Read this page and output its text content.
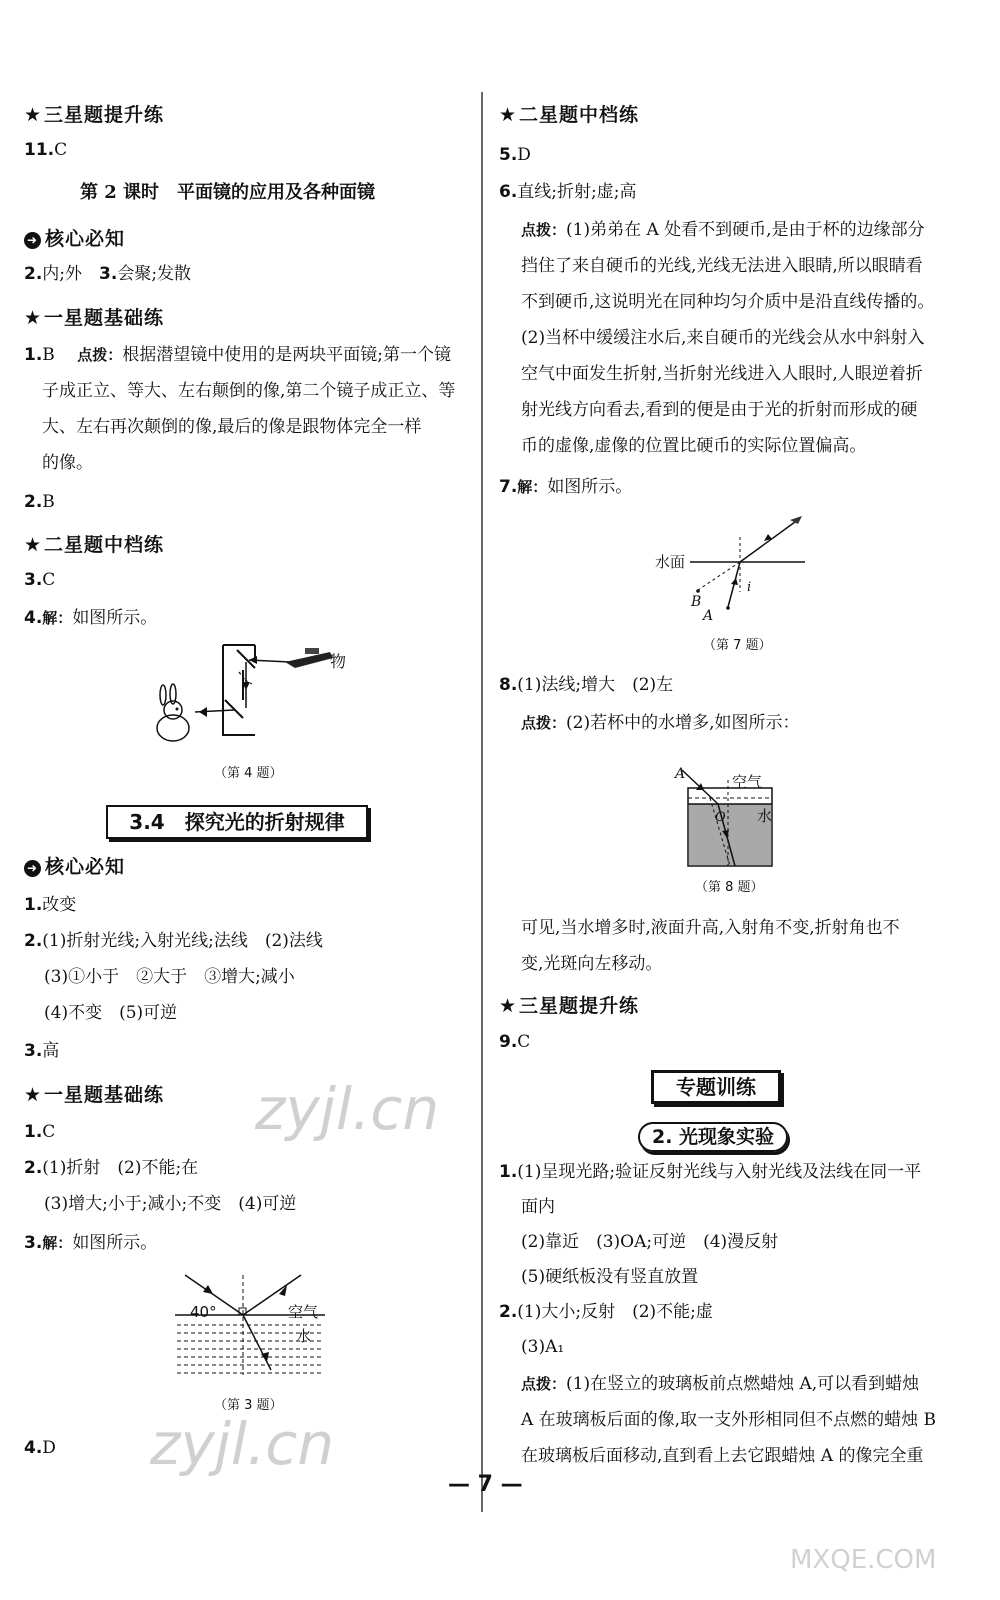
★ 三星题提升练
11.C
第 2 课时　平面镜的应用及各种面镜
➜ 核心必知
2.内;外　3.会聚;发散
★ 一星题基础练
1.B　 点拨：根据潜望镜中使用的是两块平面镜;第一个镜
子成正立、等大、左右颠倒的像,第二个镜子成正立、等
大、左右再次颠倒的像,最后的像是跟物体完全一样
的像。
2.B
★ 二星题中档练
3.C
4.解：如图所示。
物
（第 4 题）
3.4　探究光的折射规律
➜ 核心必知
1.改变
2.(1)折射光线;入射光线;法线　(2)法线
(3)①小于　②大于　③增大;减小
(4)不变　(5)可逆
3.高
★ 一星题基础练
1.C
2.(1)折射　(2)不能;在
(3)增大;小于;减小;不变　(4)可逆
3.解：如图所示。
40°	空气
水
（第 3 题）
4.D
★ 二星题中档练
5.D
6.直线;折射;虚;高
点拨：(1)弟弟在 A 处看不到硬币,是由于杯的边缘部分
挡住了来自硬币的光线,光线无法进入眼睛,所以眼睛看
不到硬币,这说明光在同种均匀介质中是沿直线传播的。
(2)当杯中缓缓注水后,来自硬币的光线会从水中斜射入
空气中面发生折射,当折射光线进入人眼时,人眼逆着折
射光线方向看去,看到的便是由于光的折射而形成的硬
币的虚像,虚像的位置比硬币的实际位置偏高。
7.解：如图所示。
水面
B
A
i
（第 7 题）
8.(1)法线;增大　(2)左
点拨：(2)若杯中的水增多,如图所示：
A	空气
水
O
（第 8 题）
可见,当水增多时,液面升高,入射角不变,折射角也不
变,光斑向左移动。
★ 三星题提升练
9.C
专题训练
2. 光现象实验
1.(1)呈现光路;验证反射光线与入射光线及法线在同一平
面内
(2)靠近　(3)OA;可逆　(4)漫反射
(5)硬纸板没有竖直放置
2.(1)大小;反射　(2)不能;虚
(3)A₁
点拨：(1)在竖立的玻璃板前点燃蜡烛 A,可以看到蜡烛
A 在玻璃板后面的像,取一支外形相同但不点燃的蜡烛 B
在玻璃板后面移动,直到看上去它跟蜡烛 A 的像完全重
zyjl.cn
zyjl.cn
MXQE.COM
— 7 —
